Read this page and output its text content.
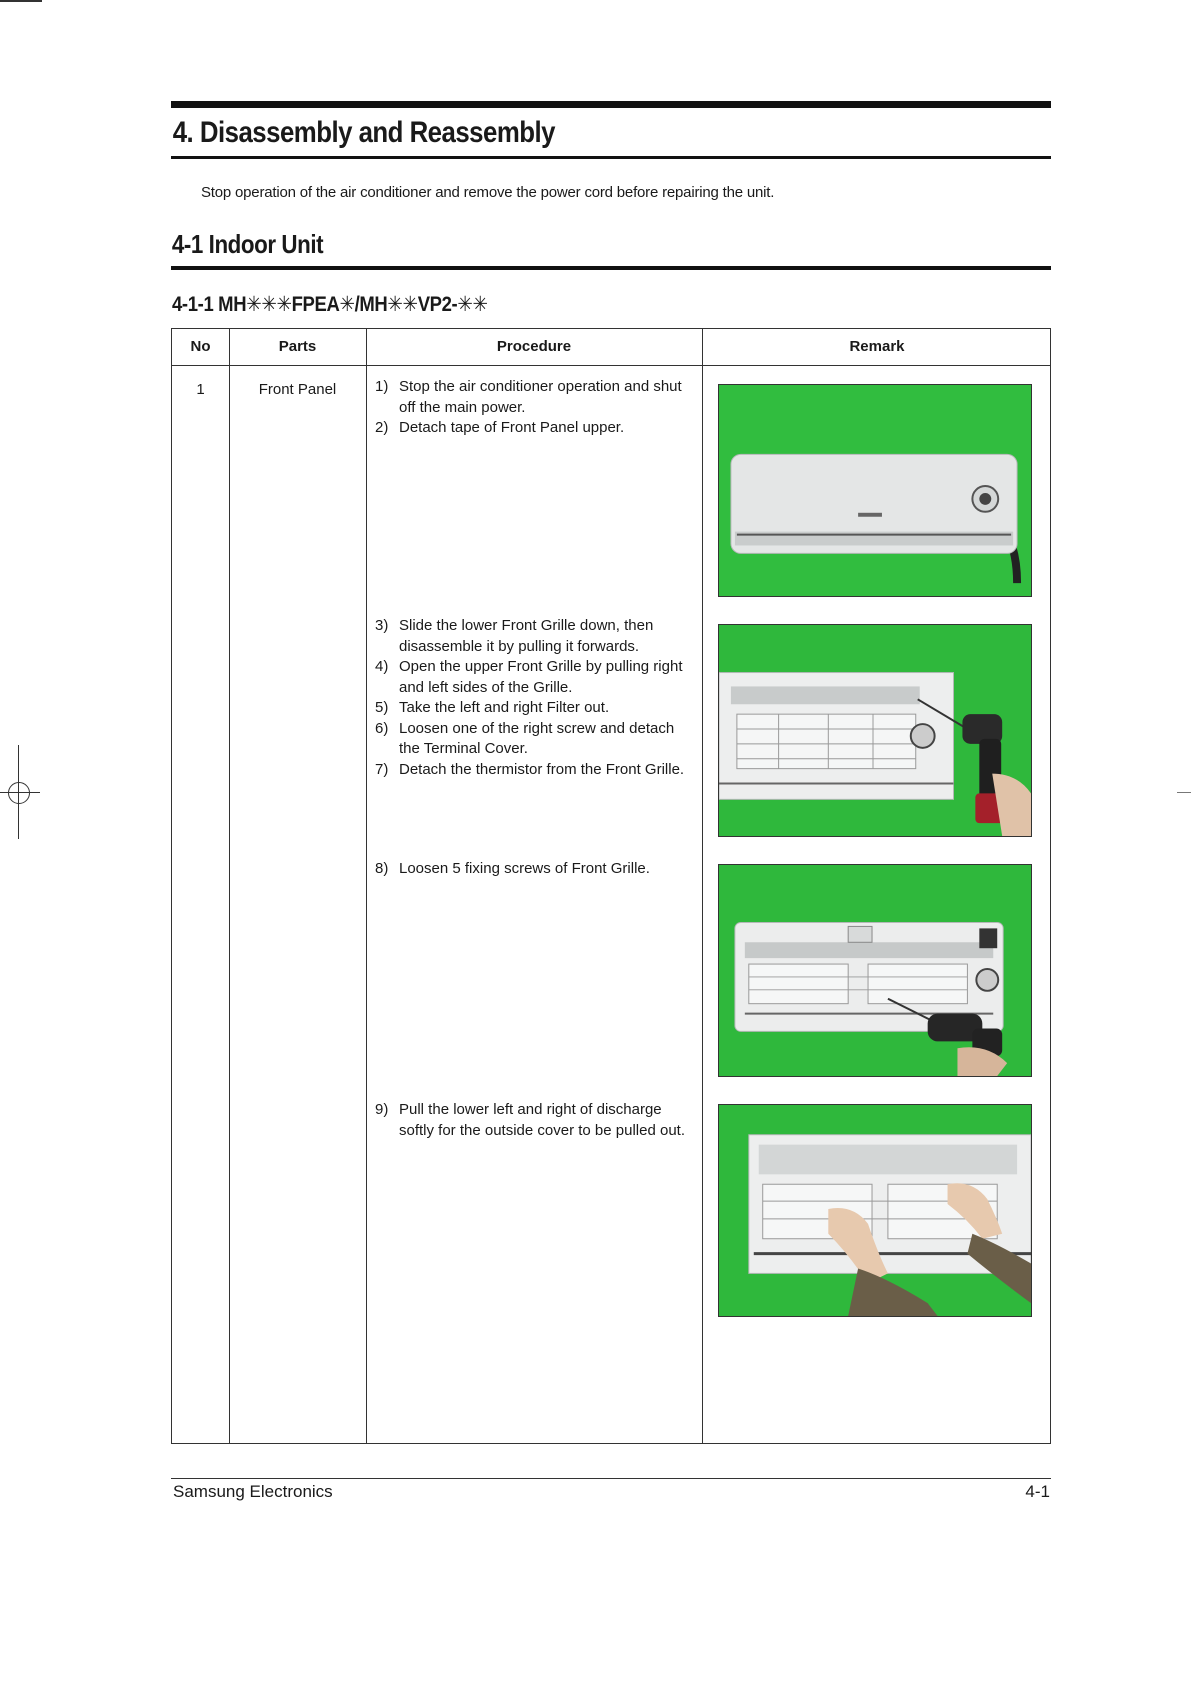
4. Disassembly and Reassembly
Stop operation of the air conditioner and remove the power cord before repairing the unit.
4-1 Indoor Unit
4-1-1 MH✳✳✳FPEA✳/MH✳✳VP2-✳✳
No	Parts	Procedure	Remark
1	Front Panel	1) Stop the air conditioner operation and shut off the main power.
2) Detach tape of Front Panel upper.
3) Slide the lower Front Grille down, then disassemble it by pulling it forwards.
4) Open the upper Front Grille by pulling right and left sides of the Grille.
5) Take the left and right Filter out.
6) Loosen one of the right screw and detach the Terminal Cover.
7) Detach the thermistor from the Front Grille.
8) Loosen 5 fixing screws of Front Grille.
9) Pull the lower left and right of discharge softly for the outside cover to be pulled out.
Samsung Electronics	4-1
